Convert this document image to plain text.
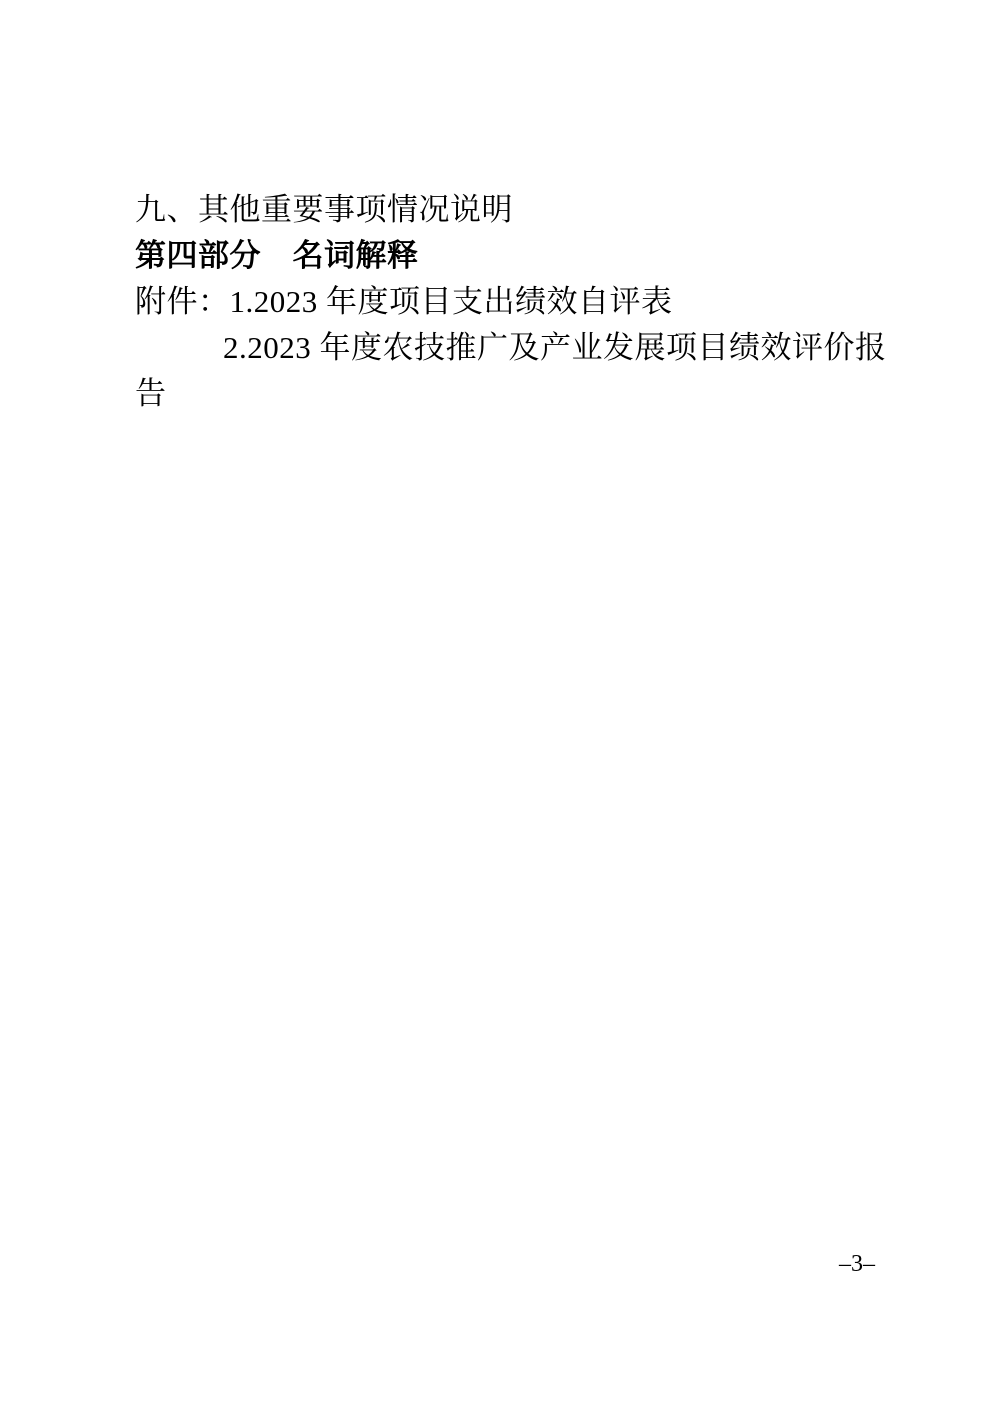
九、其他重要事项情况说明

第四部分　名词解释

附件：1.2023 年度项目支出绩效自评表

2.2023 年度农技推广及产业发展项目绩效评价报

告

–3–
